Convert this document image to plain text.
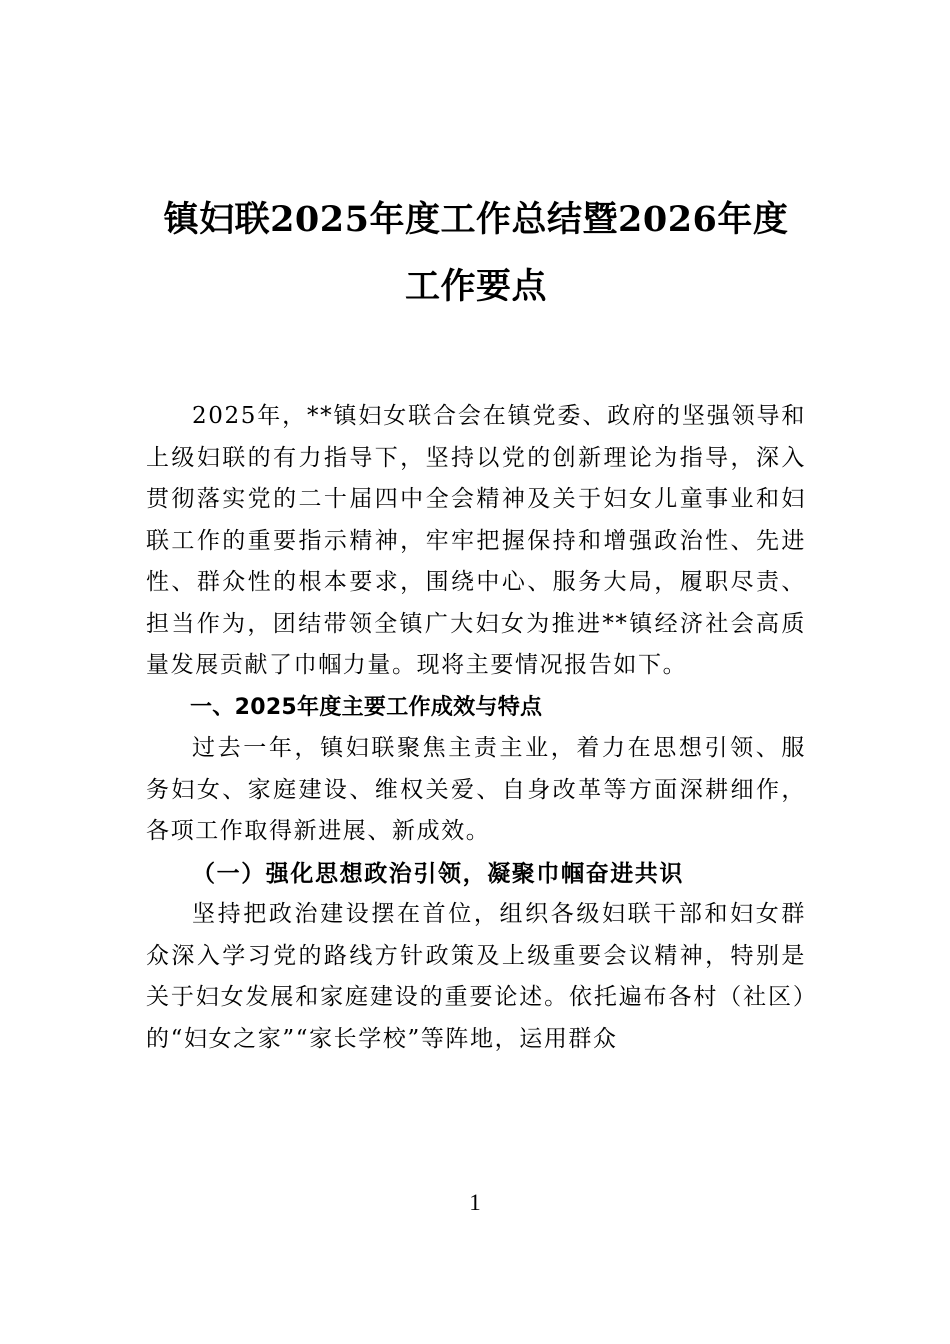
镇妇联2025年度工作总结暨2026年度工作要点

2025年，**镇妇女联合会在镇党委、政府的坚强领导和上级妇联的有力指导下，坚持以党的创新理论为指导，深入贯彻落实党的二十届四中全会精神及关于妇女儿童事业和妇联工作的重要指示精神，牢牢把握保持和增强政治性、先进性、群众性的根本要求，围绕中心、服务大局，履职尽责、担当作为，团结带领全镇广大妇女为推进**镇经济社会高质量发展贡献了巾帼力量。现将主要情况报告如下。

一、2025年度主要工作成效与特点

过去一年，镇妇联聚焦主责主业，着力在思想引领、服务妇女、家庭建设、维权关爱、自身改革等方面深耕细作，各项工作取得新进展、新成效。

（一）强化思想政治引领，凝聚巾帼奋进共识

坚持把政治建设摆在首位，组织各级妇联干部和妇女群众深入学习党的路线方针政策及上级重要会议精神，特别是关于妇女发展和家庭建设的重要论述。依托遍布各村（社区）的“妇女之家”“家长学校”等阵地，运用群众

1
